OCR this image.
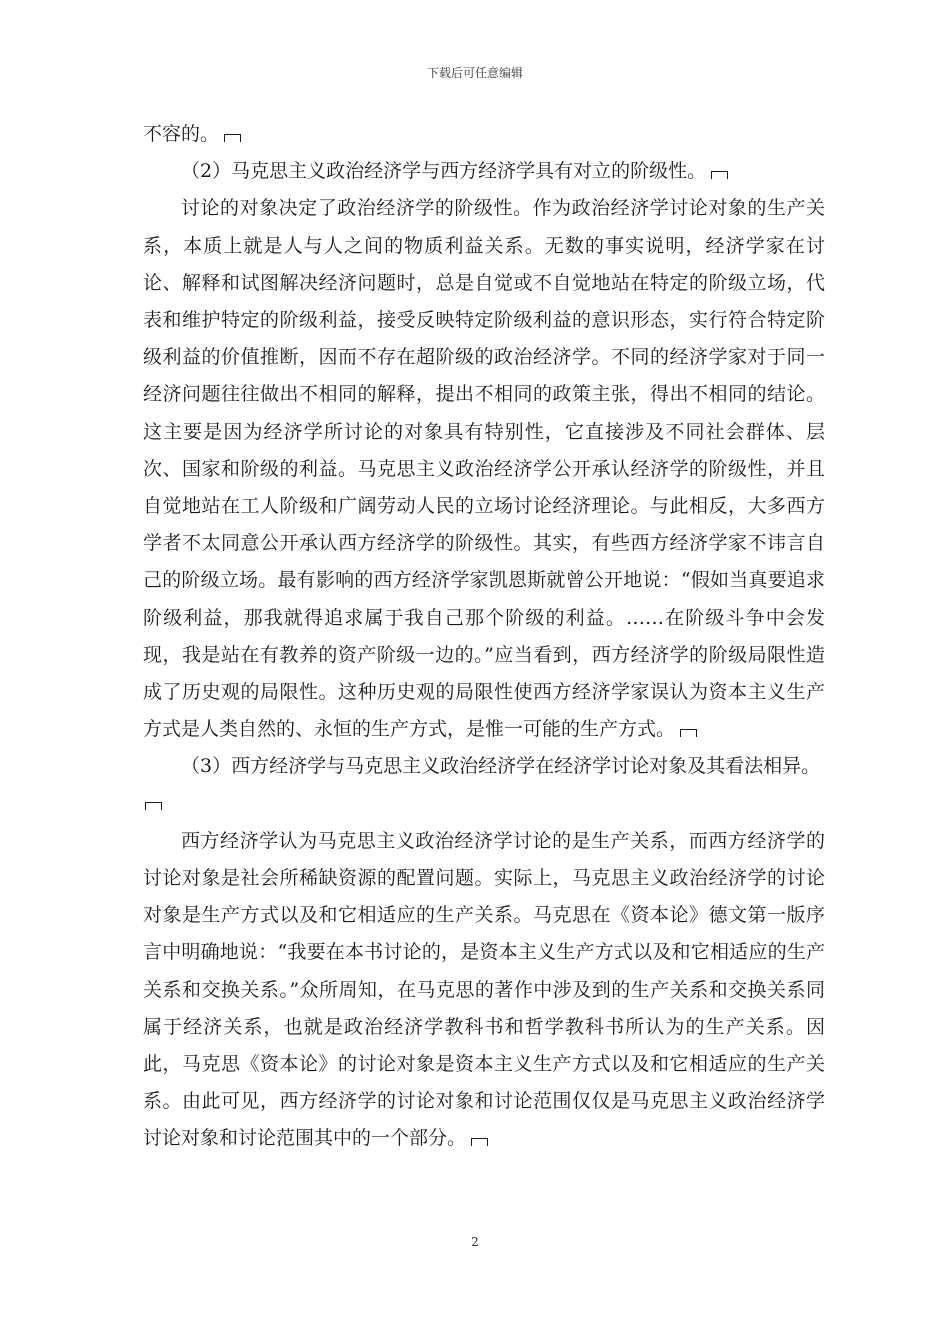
下载后可任意编辑

不容的。

（2）马克思主义政治经济学与西方经济学具有对立的阶级性。

讨论的对象决定了政治经济学的阶级性。作为政治经济学讨论对象的生产关系，本质上就是人与人之间的物质利益关系。无数的事实说明，经济学家在讨论、解释和试图解决经济问题时，总是自觉或不自觉地站在特定的阶级立场，代表和维护特定的阶级利益，接受反映特定阶级利益的意识形态，实行符合特定阶级利益的价值推断，因而不存在超阶级的政治经济学。不同的经济学家对于同一经济问题往往做出不相同的解释，提出不相同的政策主张，得出不相同的结论。这主要是因为经济学所讨论的对象具有特别性，它直接涉及不同社会群体、层次、国家和阶级的利益。马克思主义政治经济学公开承认经济学的阶级性，并且自觉地站在工人阶级和广阔劳动人民的立场讨论经济理论。与此相反，大多西方学者不太同意公开承认西方经济学的阶级性。其实，有些西方经济学家不讳言自己的阶级立场。最有影响的西方经济学家凯恩斯就曾公开地说：“假如当真要追求阶级利益，那我就得追求属于我自己那个阶级的利益。……在阶级斗争中会发现，我是站在有教养的资产阶级一边的。”应当看到，西方经济学的阶级局限性造成了历史观的局限性。这种历史观的局限性使西方经济学家误认为资本主义生产方式是人类自然的、永恒的生产方式，是惟一可能的生产方式。

（3）西方经济学与马克思主义政治经济学在经济学讨论对象及其看法相异。

西方经济学认为马克思主义政治经济学讨论的是生产关系，而西方经济学的讨论对象是社会所稀缺资源的配置问题。实际上，马克思主义政治经济学的讨论对象是生产方式以及和它相适应的生产关系。马克思在《资本论》德文第一版序言中明确地说：“我要在本书讨论的，是资本主义生产方式以及和它相适应的生产关系和交换关系。”众所周知，在马克思的著作中涉及到的生产关系和交换关系同属于经济关系，也就是政治经济学教科书和哲学教科书所认为的生产关系。因此，马克思《资本论》的讨论对象是资本主义生产方式以及和它相适应的生产关系。由此可见，西方经济学的讨论对象和讨论范围仅仅是马克思主义政治经济学讨论对象和讨论范围其中的一个部分。

2
